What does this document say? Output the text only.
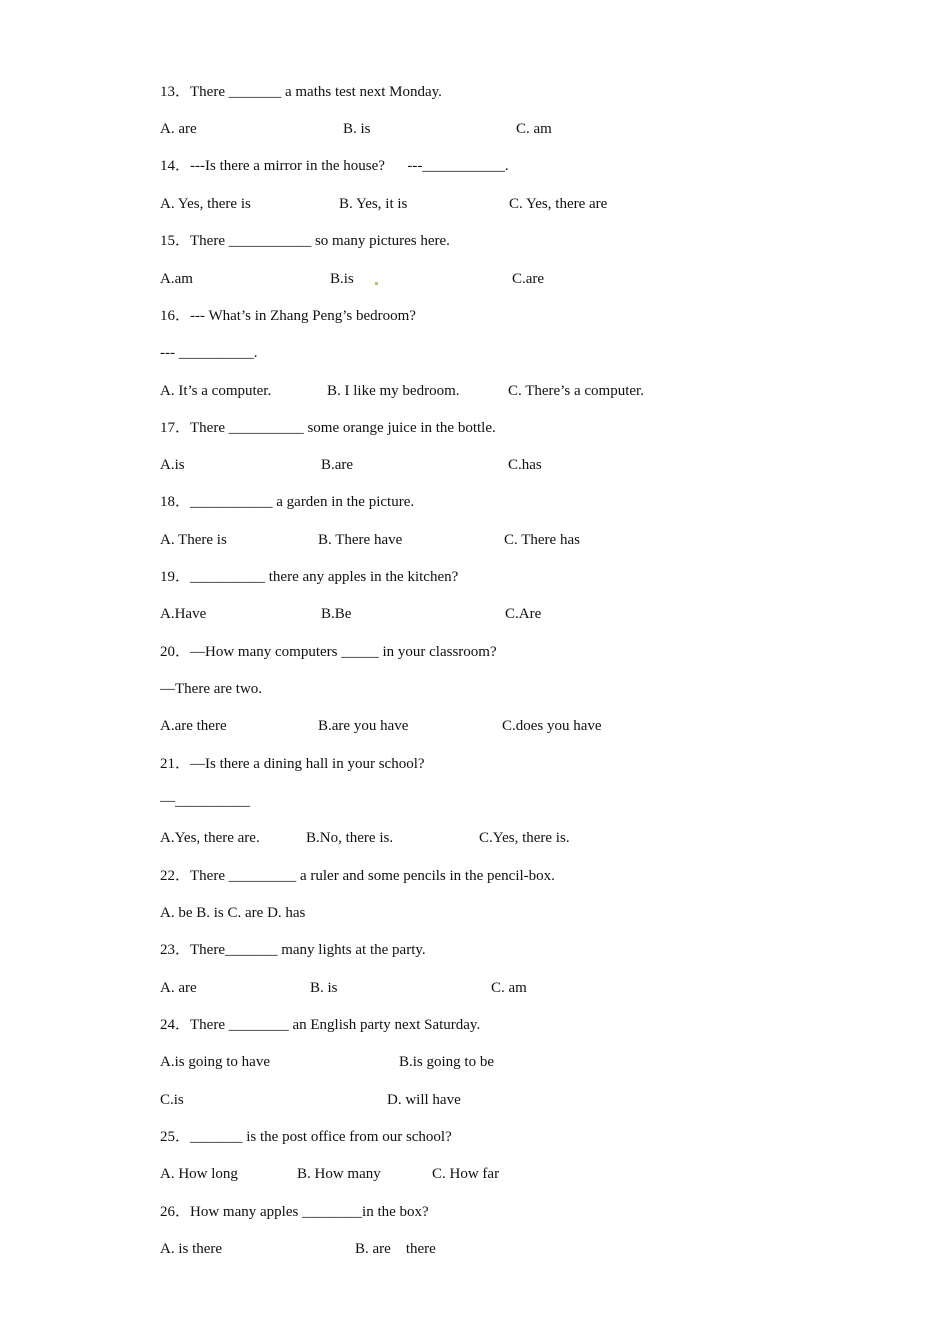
13．There _______ a maths test next Monday.
A. are	B. is	C. am
14．---Is there a mirror in the house?      ---___________.
A. Yes, there is	B. Yes, it is	C. Yes, there are
15．There ___________ so many pictures here.
A.am	B.is	C.are
16．--- What’s in Zhang Peng’s bedroom?
--- __________.
A. It’s a computer.	B. I like my bedroom.	C. There’s a computer.
17．There __________ some orange juice in the bottle.
A.is	B.are	C.has
18．___________ a garden in the picture.
A. There is	B. There have	C. There has
19．__________ there any apples in the kitchen?
A.Have	B.Be	C.Are
20．—How many computers _____ in your classroom?
—There are two.
A.are there	B.are you have	C.does you have
21．—Is there a dining hall in your school?
—__________
A.Yes, there are.	B.No, there is.	C.Yes, there is.
22．There _________ a ruler and some pencils in the pencil-box.
A. be B. is C. are D. has
23．There_______ many lights at the party.
A. are	B. is	C. am
24．There ________ an English party next Saturday.
A.is going to have	B.is going to be
C.is	D. will have
25．_______ is the post office from our school?
A. How long	B. How many	C. How far
26．How many apples ________in the box?
A. is there	B. are    there
